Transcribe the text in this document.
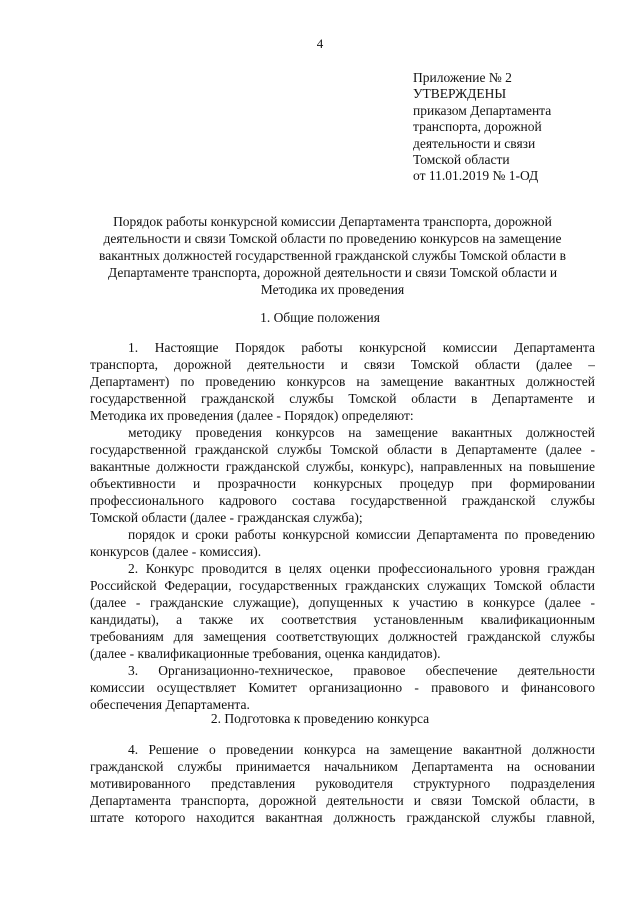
4
Приложение № 2
УТВЕРЖДЕНЫ
приказом Департамента
транспорта, дорожной
деятельности и связи
Томской области
от 11.01.2019 № 1-ОД
Порядок работы конкурсной комиссии Департамента транспорта, дорожной
деятельности и связи Томской области по проведению конкурсов на замещение
вакантных должностей государственной гражданской службы Томской области в
Департаменте транспорта, дорожной деятельности и связи Томской области и
Методика их проведения
1. Общие положения
1. Настоящие Порядок работы конкурсной комиссии Департамента
транспорта, дорожной деятельности и связи Томской области (далее –
Департамент) по проведению конкурсов на замещение вакантных должностей
государственной гражданской службы Томской области в Департаменте и
Методика их проведения (далее - Порядок) определяют:
методику проведения конкурсов на замещение вакантных должностей
государственной гражданской службы Томской области в Департаменте (далее -
вакантные должности гражданской службы, конкурс), направленных на повышение
объективности и прозрачности конкурсных процедур при формировании
профессионального кадрового состава государственной гражданской службы
Томской области (далее - гражданская служба);
порядок и сроки работы конкурсной комиссии Департамента по проведению
конкурсов (далее - комиссия).
2. Конкурс проводится в целях оценки профессионального уровня граждан
Российской Федерации, государственных гражданских служащих Томской области
(далее - гражданские служащие), допущенных к участию в конкурсе (далее -
кандидаты), а также их соответствия установленным квалификационным
требованиям для замещения соответствующих должностей гражданской службы
(далее - квалификационные требования, оценка кандидатов).
3. Организационно-техническое, правовое обеспечение деятельности
комиссии осуществляет Комитет организационно - правового и финансового
обеспечения Департамента.
2. Подготовка к проведению конкурса
4. Решение о проведении конкурса на замещение вакантной должности
гражданской службы принимается начальником Департамента на основании
мотивированного представления руководителя структурного подразделения
Департамента транспорта, дорожной деятельности и связи Томской области, в
штате которого находится вакантная должность гражданской службы главной,
